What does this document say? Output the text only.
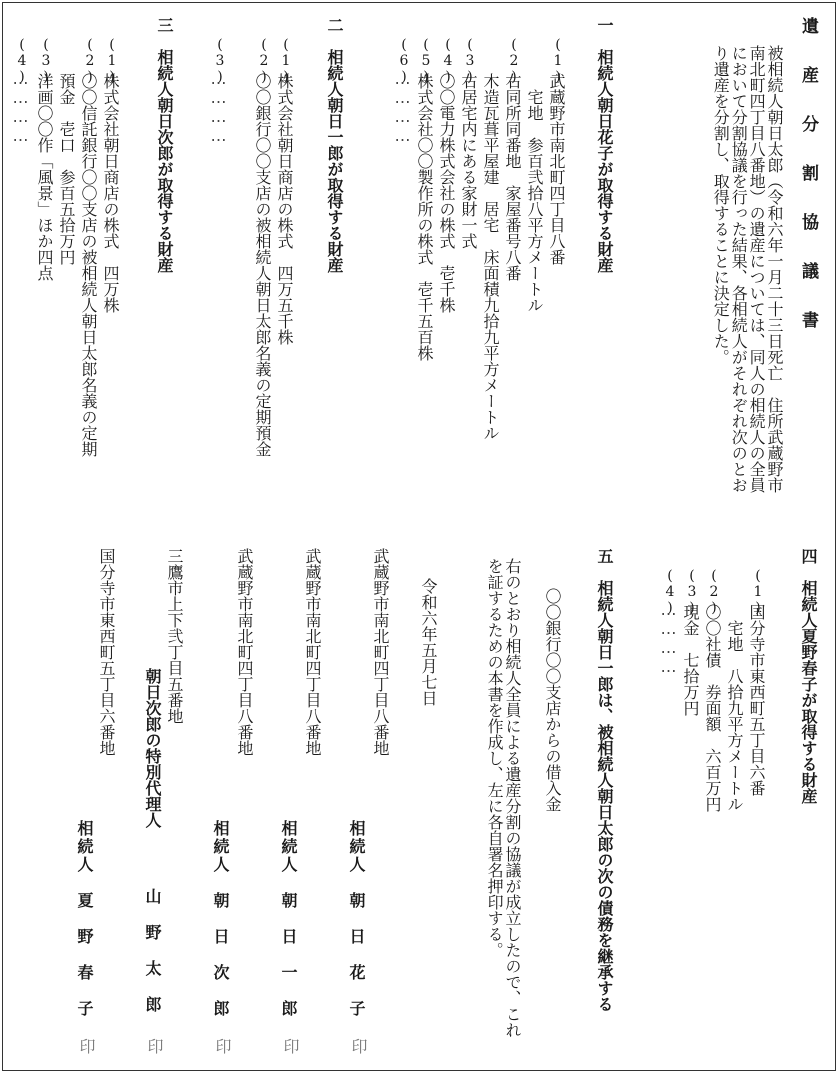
遺 産 分 割 協 議 書
被相続人朝日太郎（令和六年一月二十三日死亡　住所武蔵野市南北町四丁目八番地）の遺産については、同人の相続人の全員において分割協議を行った結果、各相続人がそれぞれ次のとおり遺産を分割し、取得することに決定した。
一　相続人朝日花子が取得する財産
(1)
武蔵野市南北町四丁目八番
　宅地　参百弐拾八平方メートル
(2)
右同所同番地　家屋番号八番
木造瓦葺平屋建　居宅　床面積九拾九平方メートル
(3)
右居宅内にある家財一式
(4)
〇〇電力株式会社の株式　壱千株
(5)
株式会社〇〇製作所の株式　壱千五百株
(6)
⋯⋯⋯⋯
二　相続人朝日一郎が取得する財産
(1)
株式会社朝日商店の株式　四万五千株
(2)
〇〇銀行〇〇支店の被相続人朝日太郎名義の定期預金
(3)
⋯⋯⋯⋯
三　相続人朝日次郎が取得する財産
(1)
株式会社朝日商店の株式　四万株
(2)
〇〇信託銀行〇〇支店の被相続人朝日太郎名義の定期
預金　壱口　参百五拾万円
(3)
洋画〇〇作「風景」ほか四点
(4)
⋯⋯⋯⋯
四　相続人夏野春子が取得する財産
(1)
国分寺市東西町五丁目六番
　宅地　八拾九平方メートル
(2)
〇〇社債　券面額　六百万円
(3)
現金　七拾万円
(4)
⋯⋯⋯⋯
五　相続人朝日一郎は、被相続人朝日太郎の次の債務を継承する
〇〇銀行〇〇支店からの借入金
右のとおり相続人全員による遺産分割の協議が成立したので、これを証するための本書を作成し、左に各自署名押印する。
令和六年五月七日
武蔵野市南北町四丁目八番地
相続人　朝　日　花　子
印
武蔵野市南北町四丁目八番地
相続人　朝　日　一　郎
印
武蔵野市南北町四丁目八番地
相続人　朝　日　次　郎
印
三鷹市上下弐丁目五番地
朝日次郎の特別代理人
山　野　太　郎
印
国分寺市東西町五丁目六番地
相続人　夏　野　春　子
印
